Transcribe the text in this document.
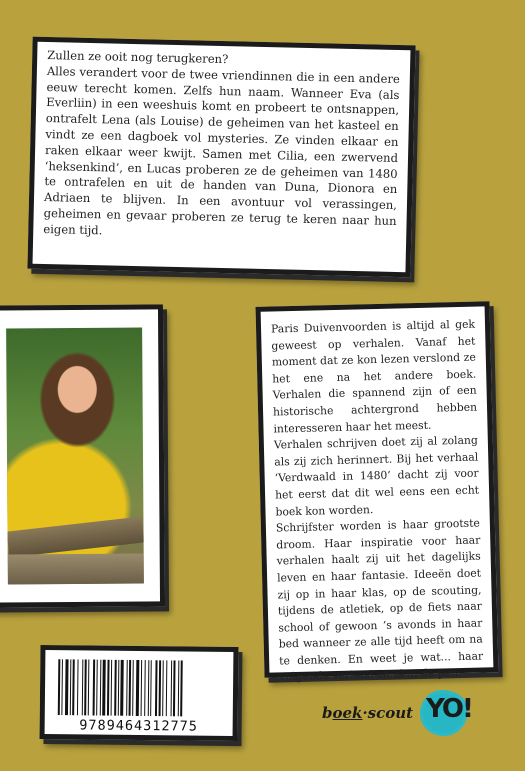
Zullen ze ooit nog terugkeren?

Alles verandert voor de twee vriendinnen die in een andere eeuw terecht komen. Zelfs hun naam. Wanneer Eva (als Everliin) in een weeshuis komt en probeert te ontsnappen, ontrafelt Lena (als Louise) de geheimen van het kasteel en vindt ze een dagboek vol mysteries. Ze vinden elkaar en raken elkaar weer kwijt. Samen met Cilia, een zwervend ‘heksenkind’, en Lucas proberen ze de geheimen van 1480 te ontrafelen en uit de handen van Duna, Dionora en Adriaen te blijven. In een avontuur vol verassingen, geheimen en gevaar proberen ze terug te keren naar hun eigen tijd.

Paris Duivenvoorden is altijd al gek geweest op verhalen. Vanaf het moment dat ze kon lezen verslond ze het ene na het andere boek. Verhalen die spannend zijn of een historische achtergrond hebben interesseren haar het meest.

Verhalen schrijven doet zij al zolang als zij zich herinnert. Bij het verhaal ‘Verdwaald in 1480’ dacht zij voor het eerst dat dit wel eens een echt boek kon worden.

Schrijfster worden is haar grootste droom. Haar inspiratie voor haar verhalen haalt zij uit het dagelijks leven en haar fantasie. Ideeën doet zij op in haar klas, op de scouting, tijdens de atletiek, op de fiets naar school of gewoon ’s avonds in haar bed wanneer ze alle tijd heeft om na te denken. En weet je wat... haar volgende verhaal zit al in de pen.

9789464312775
boek·scout YO!
